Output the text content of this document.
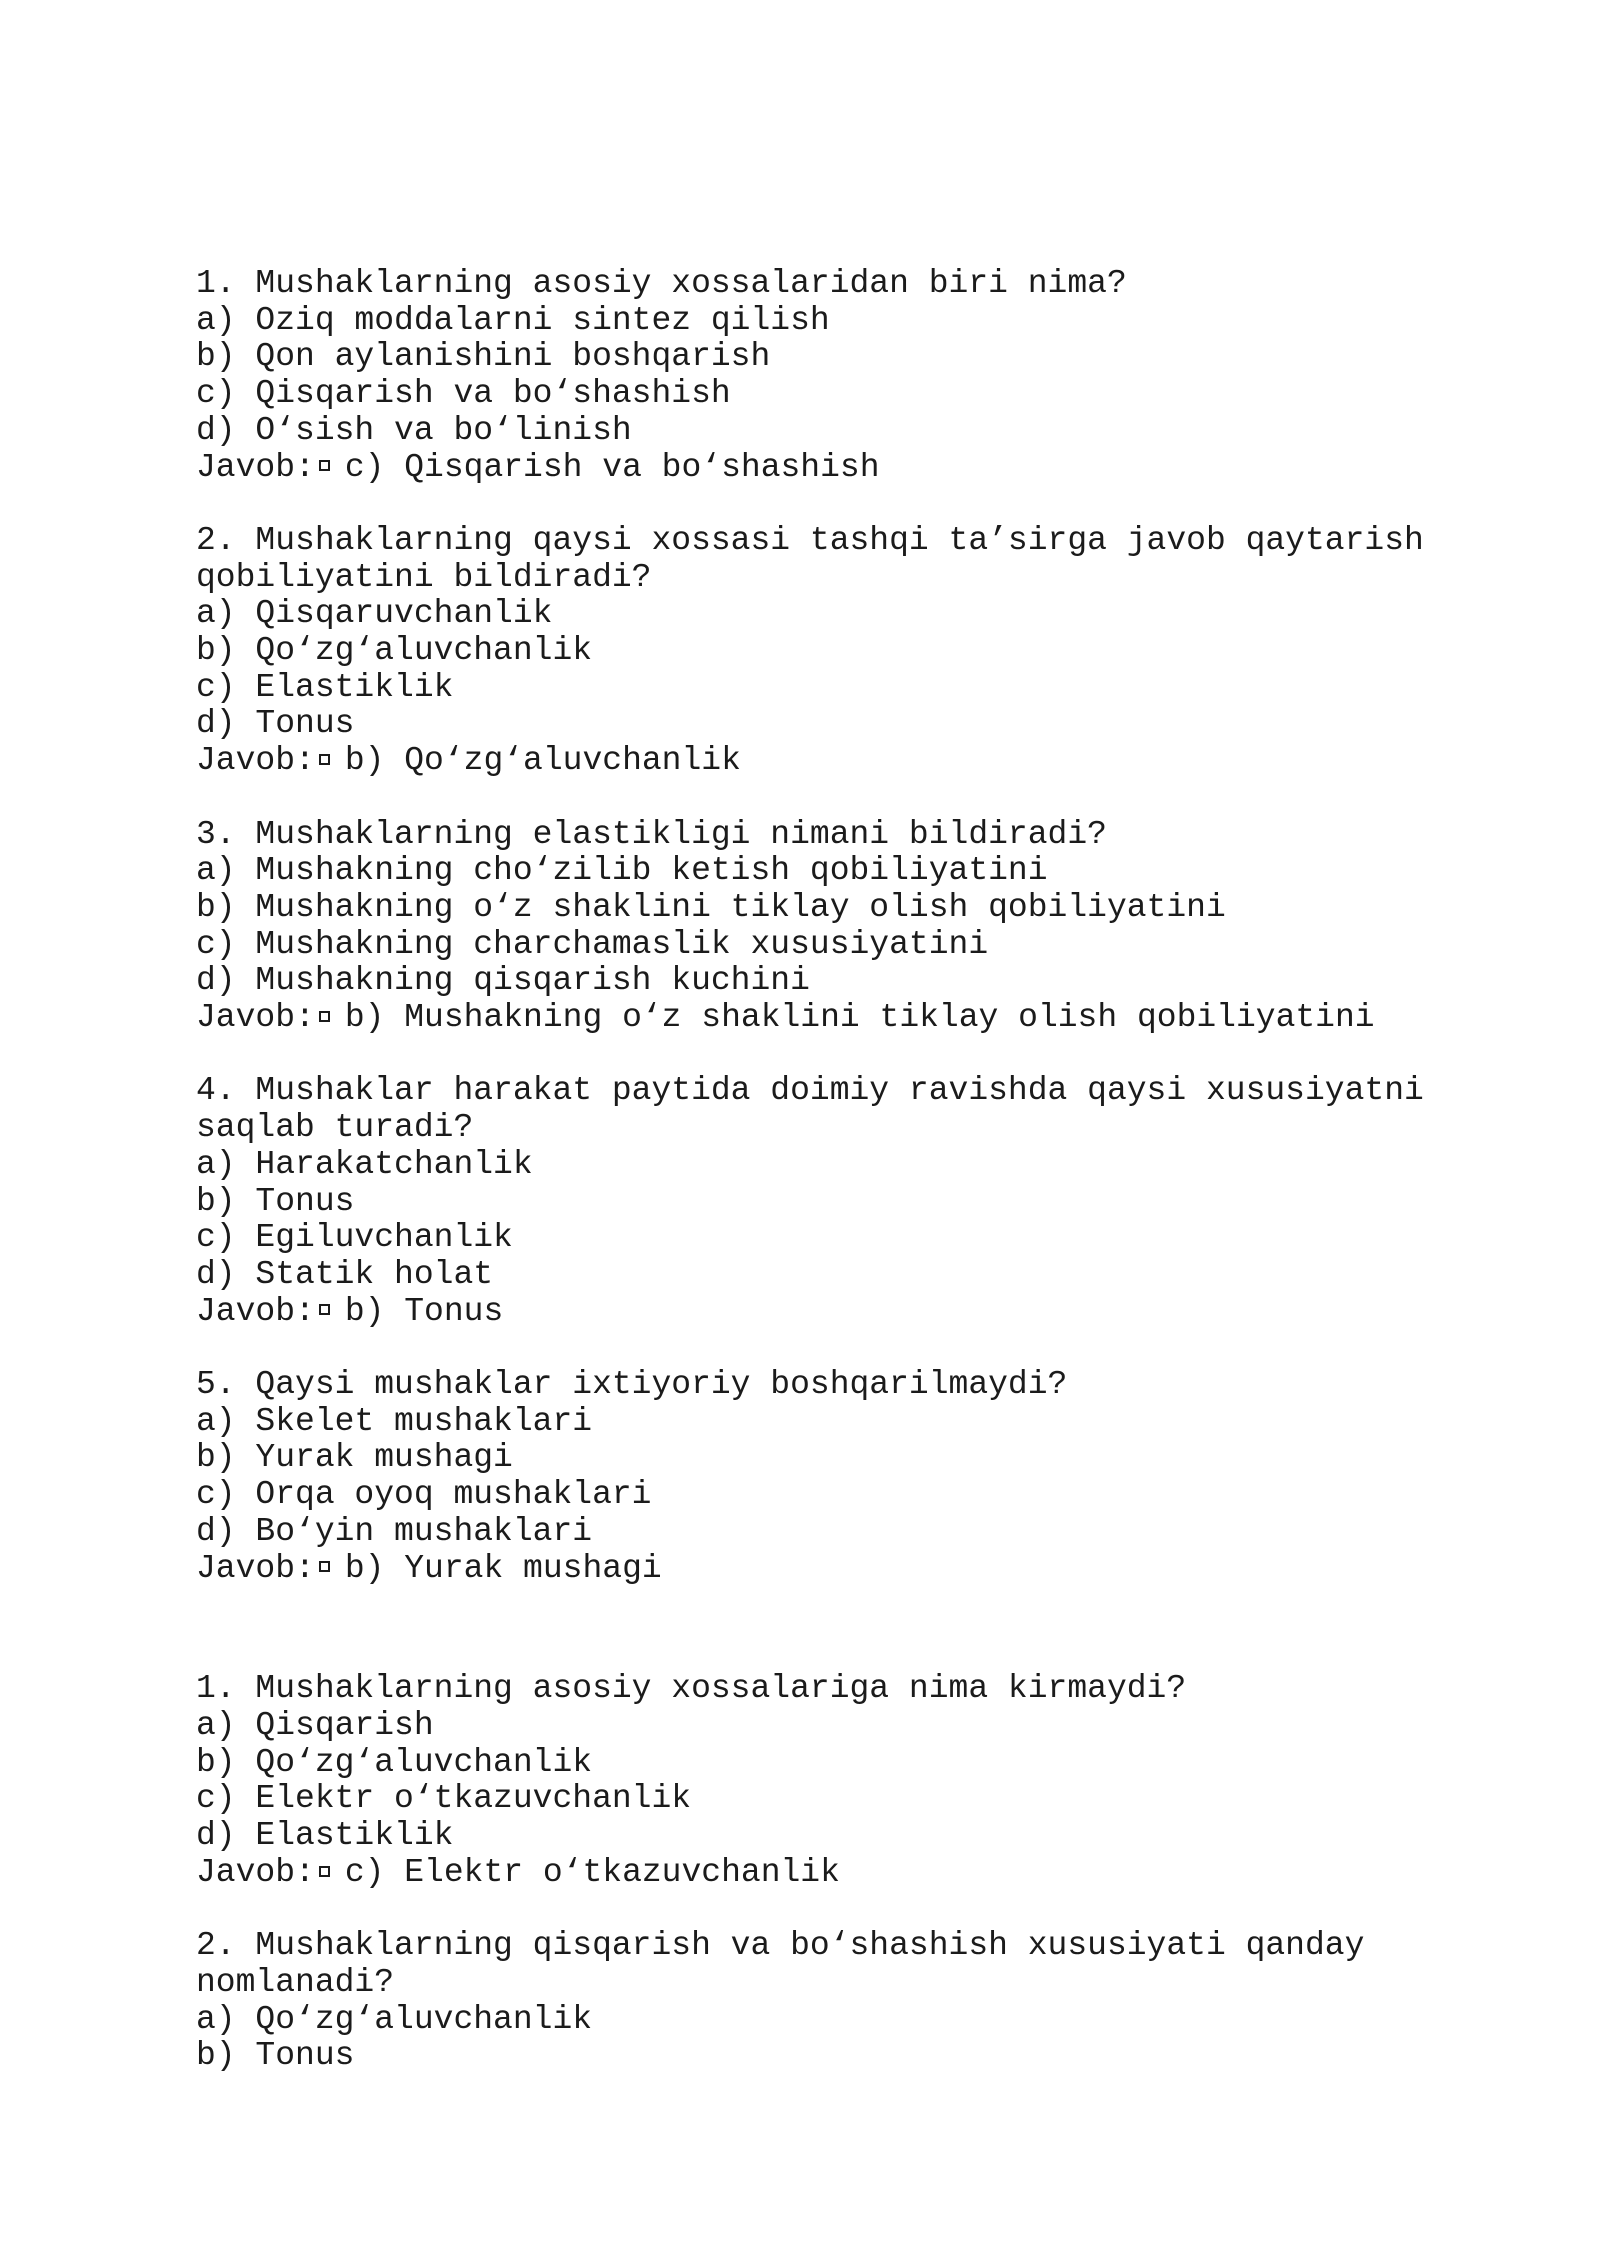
1. Mushaklarning asosiy xossalaridan biri nima?
a) Oziq moddalarni sintez qilish
b) Qon aylanishini boshqarish
c) Qisqarish va bo‘shashish
d) O‘sish va bo‘linish
Javob: c) Qisqarish va bo‘shashish
2. Mushaklarning qaysi xossasi tashqi ta’sirga javob qaytarish qobiliyatini bildiradi?
a) Qisqaruvchanlik
b) Qo‘zg‘aluvchanlik
c) Elastiklik
d) Tonus
Javob: b) Qo‘zg‘aluvchanlik
3. Mushaklarning elastikligi nimani bildiradi?
a) Mushakning cho‘zilib ketish qobiliyatini
b) Mushakning o‘z shaklini tiklay olish qobiliyatini
c) Mushakning charchamaslik xususiyatini
d) Mushakning qisqarish kuchini
Javob: b) Mushakning o‘z shaklini tiklay olish qobiliyatini
4. Mushaklar harakat paytida doimiy ravishda qaysi xususiyatni saqlab turadi?
a) Harakatchanlik
b) Tonus
c) Egiluvchanlik
d) Statik holat
Javob: b) Tonus
5. Qaysi mushaklar ixtiyoriy boshqarilmaydi?
a) Skelet mushaklari
b) Yurak mushagi
c) Orqa oyoq mushaklari
d) Bo‘yin mushaklari
Javob: b) Yurak mushagi
1. Mushaklarning asosiy xossalariga nima kirmaydi?
a) Qisqarish
b) Qo‘zg‘aluvchanlik
c) Elektr o‘tkazuvchanlik
d) Elastiklik
Javob: c) Elektr o‘tkazuvchanlik
2. Mushaklarning qisqarish va bo‘shashish xususiyati qanday nomlanadi?
a) Qo‘zg‘aluvchanlik
b) Tonus
